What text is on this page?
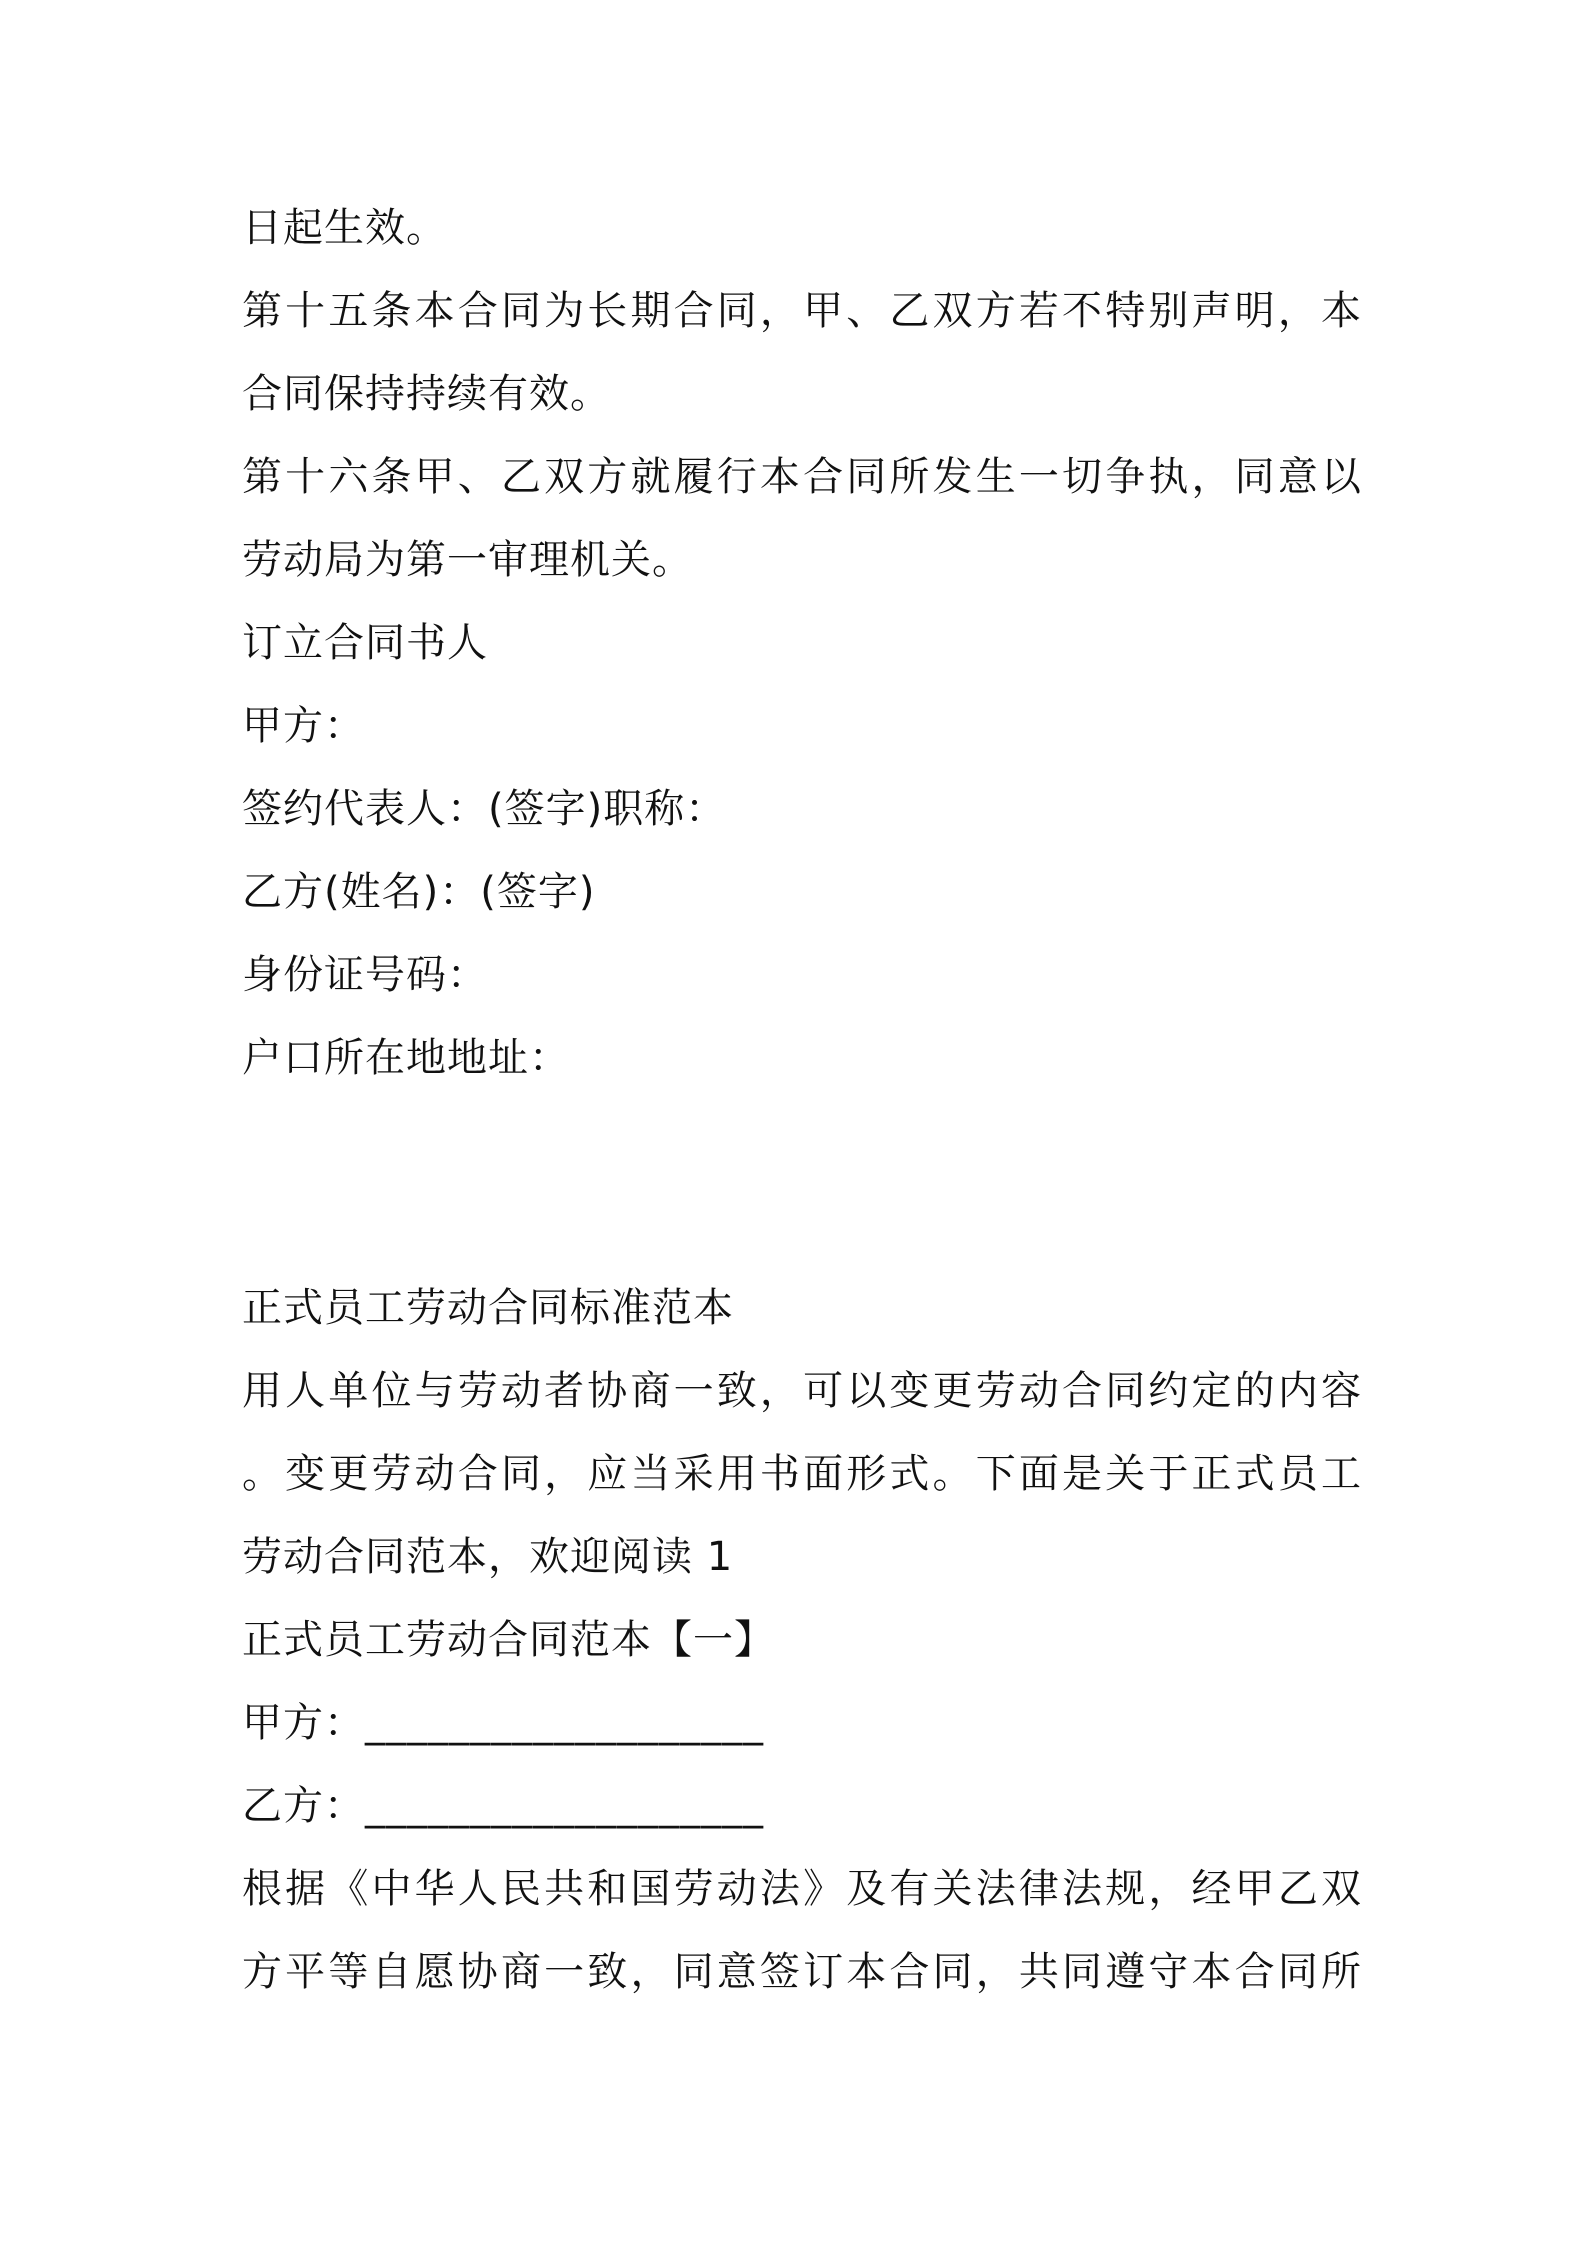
日起生效。
第十五条本合同为长期合同，甲、乙双方若不特别声明，本
合同保持持续有效。
第十六条甲、乙双方就履行本合同所发生一切争执，同意以
劳动局为第一审理机关。
订立合同书人
甲方：
签约代表人：(签字)职称：
乙方(姓名)：(签字)
身份证号码：
户口所在地地址：
正式员工劳动合同标准范本
用人单位与劳动者协商一致，可以变更劳动合同约定的内容
。变更劳动合同，应当采用书面形式。下面是关于正式员工
劳动合同范本，欢迎阅读 1
正式员工劳动合同范本【一】
甲方：___________________
乙方：___________________
根据《中华人民共和国劳动法》及有关法律法规，经甲乙双
方平等自愿协商一致，同意签订本合同，共同遵守本合同所
